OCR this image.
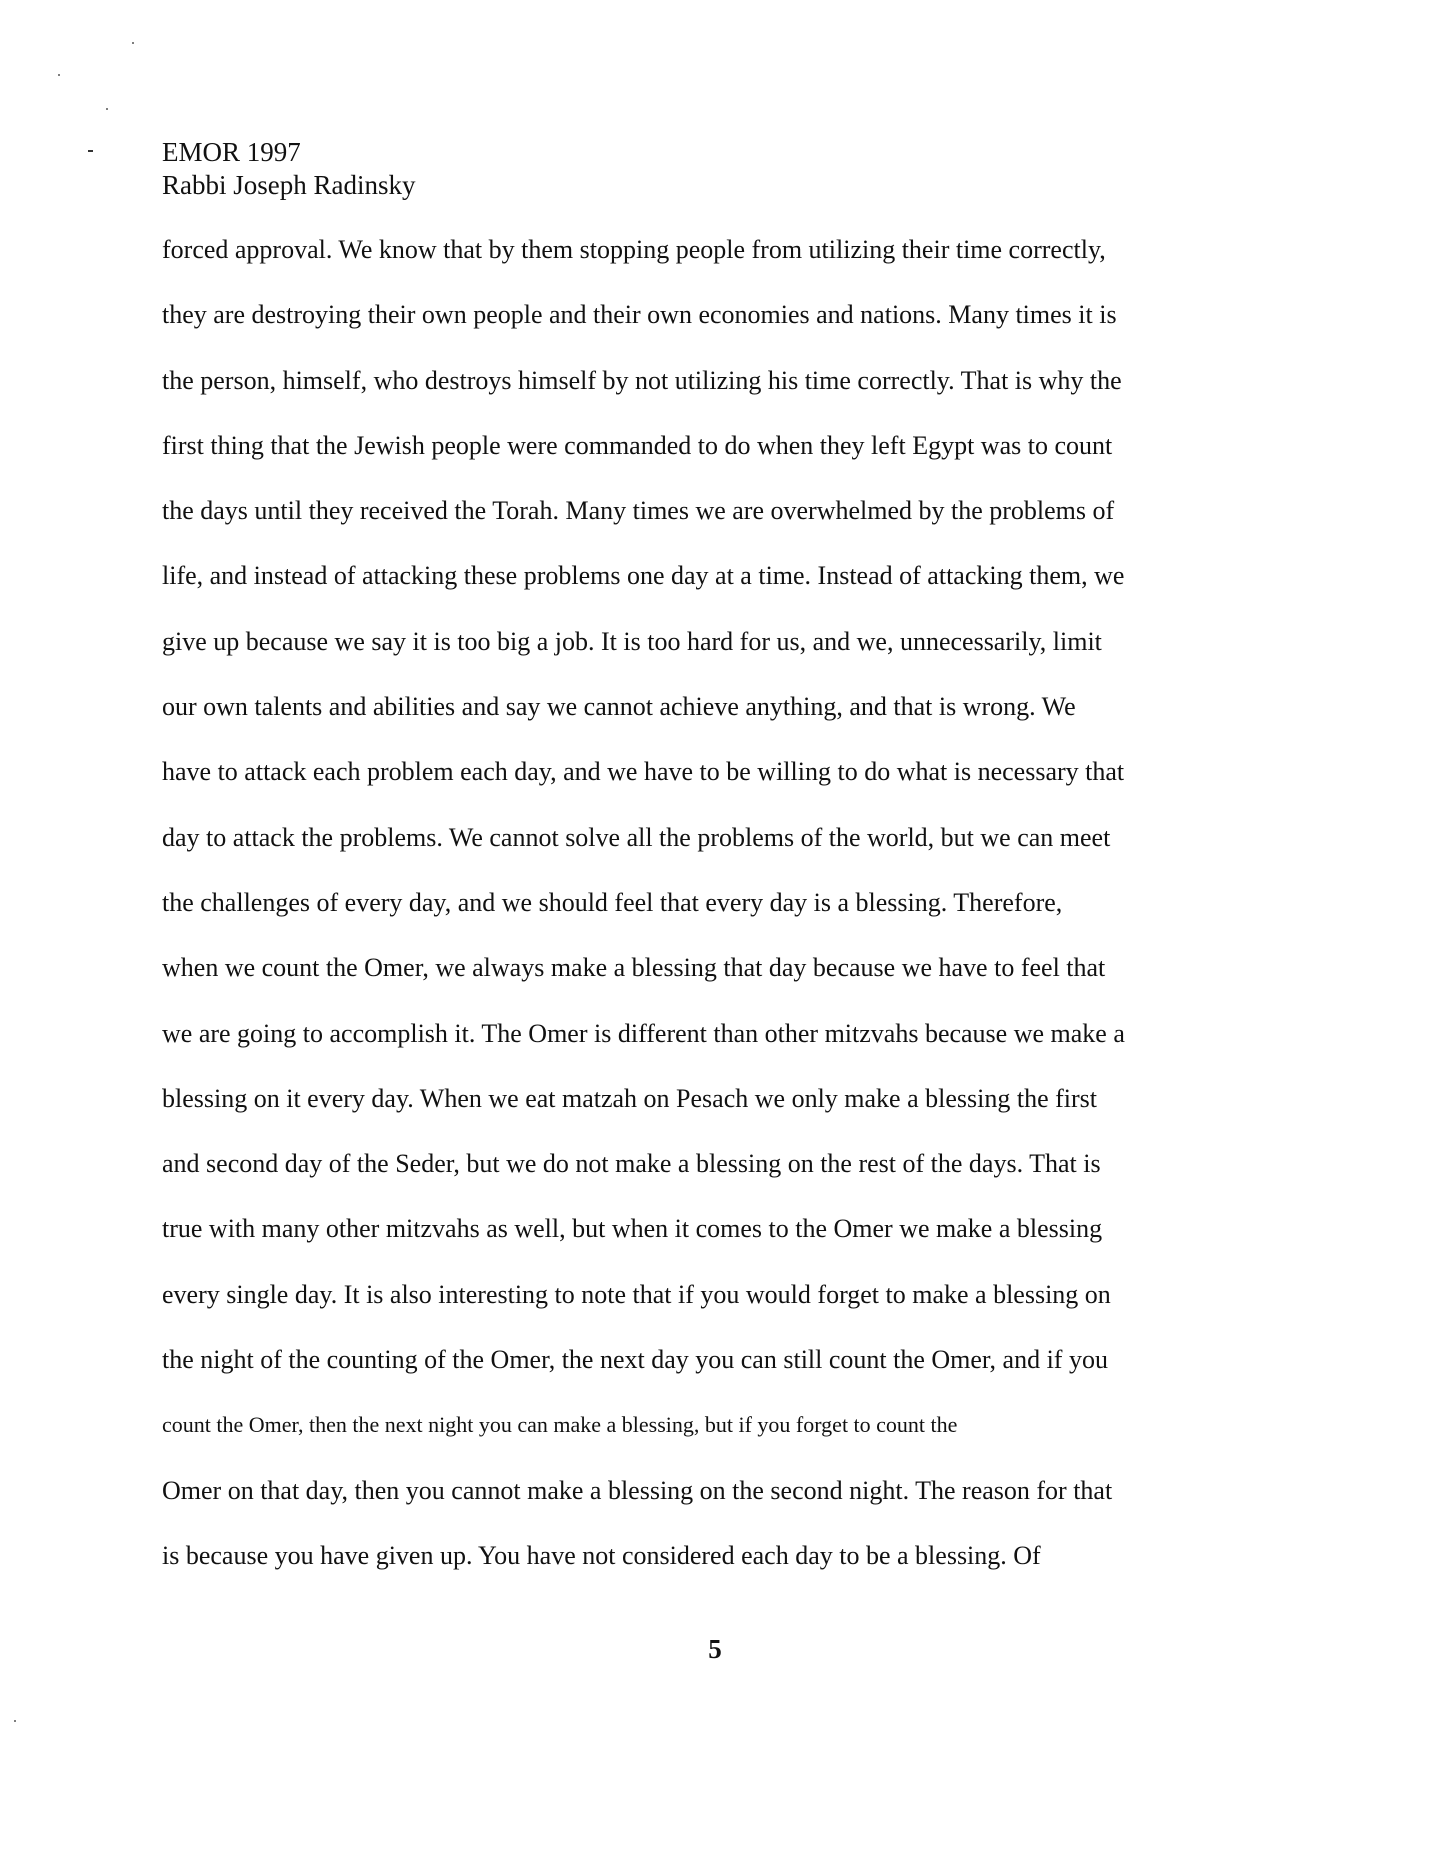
EMOR 1997
Rabbi Joseph Radinsky
forced approval. We know that by them stopping people from utilizing their time correctly,
they are destroying their own people and their own economies and nations. Many times it is
the person, himself, who destroys himself by not utilizing his time correctly. That is why the
first thing that the Jewish people were commanded to do when they left Egypt was to count
the days until they received the Torah. Many times we are overwhelmed by the problems of
life, and instead of attacking these problems one day at a time. Instead of attacking them, we
give up because we say it is too big a job. It is too hard for us, and we, unnecessarily, limit
our own talents and abilities and say we cannot achieve anything, and that is wrong. We
have to attack each problem each day, and we have to be willing to do what is necessary that
day to attack the problems. We cannot solve all the problems of the world, but we can meet
the challenges of every day, and we should feel that every day is a blessing. Therefore,
when we count the Omer, we always make a blessing that day because we have to feel that
we are going to accomplish it. The Omer is different than other mitzvahs because we make a
blessing on it every day. When we eat matzah on Pesach we only make a blessing the first
and second day of the Seder, but we do not make a blessing on the rest of the days. That is
true with many other mitzvahs as well, but when it comes to the Omer we make a blessing
every single day. It is also interesting to note that if you would forget to make a blessing on
the night of the counting of the Omer, the next day you can still count the Omer, and if you
count the Omer, then the next night you can make a blessing, but if you forget to count the
Omer on that day, then you cannot make a blessing on the second night. The reason for that
is because you have given up. You have not considered each day to be a blessing. Of
5
